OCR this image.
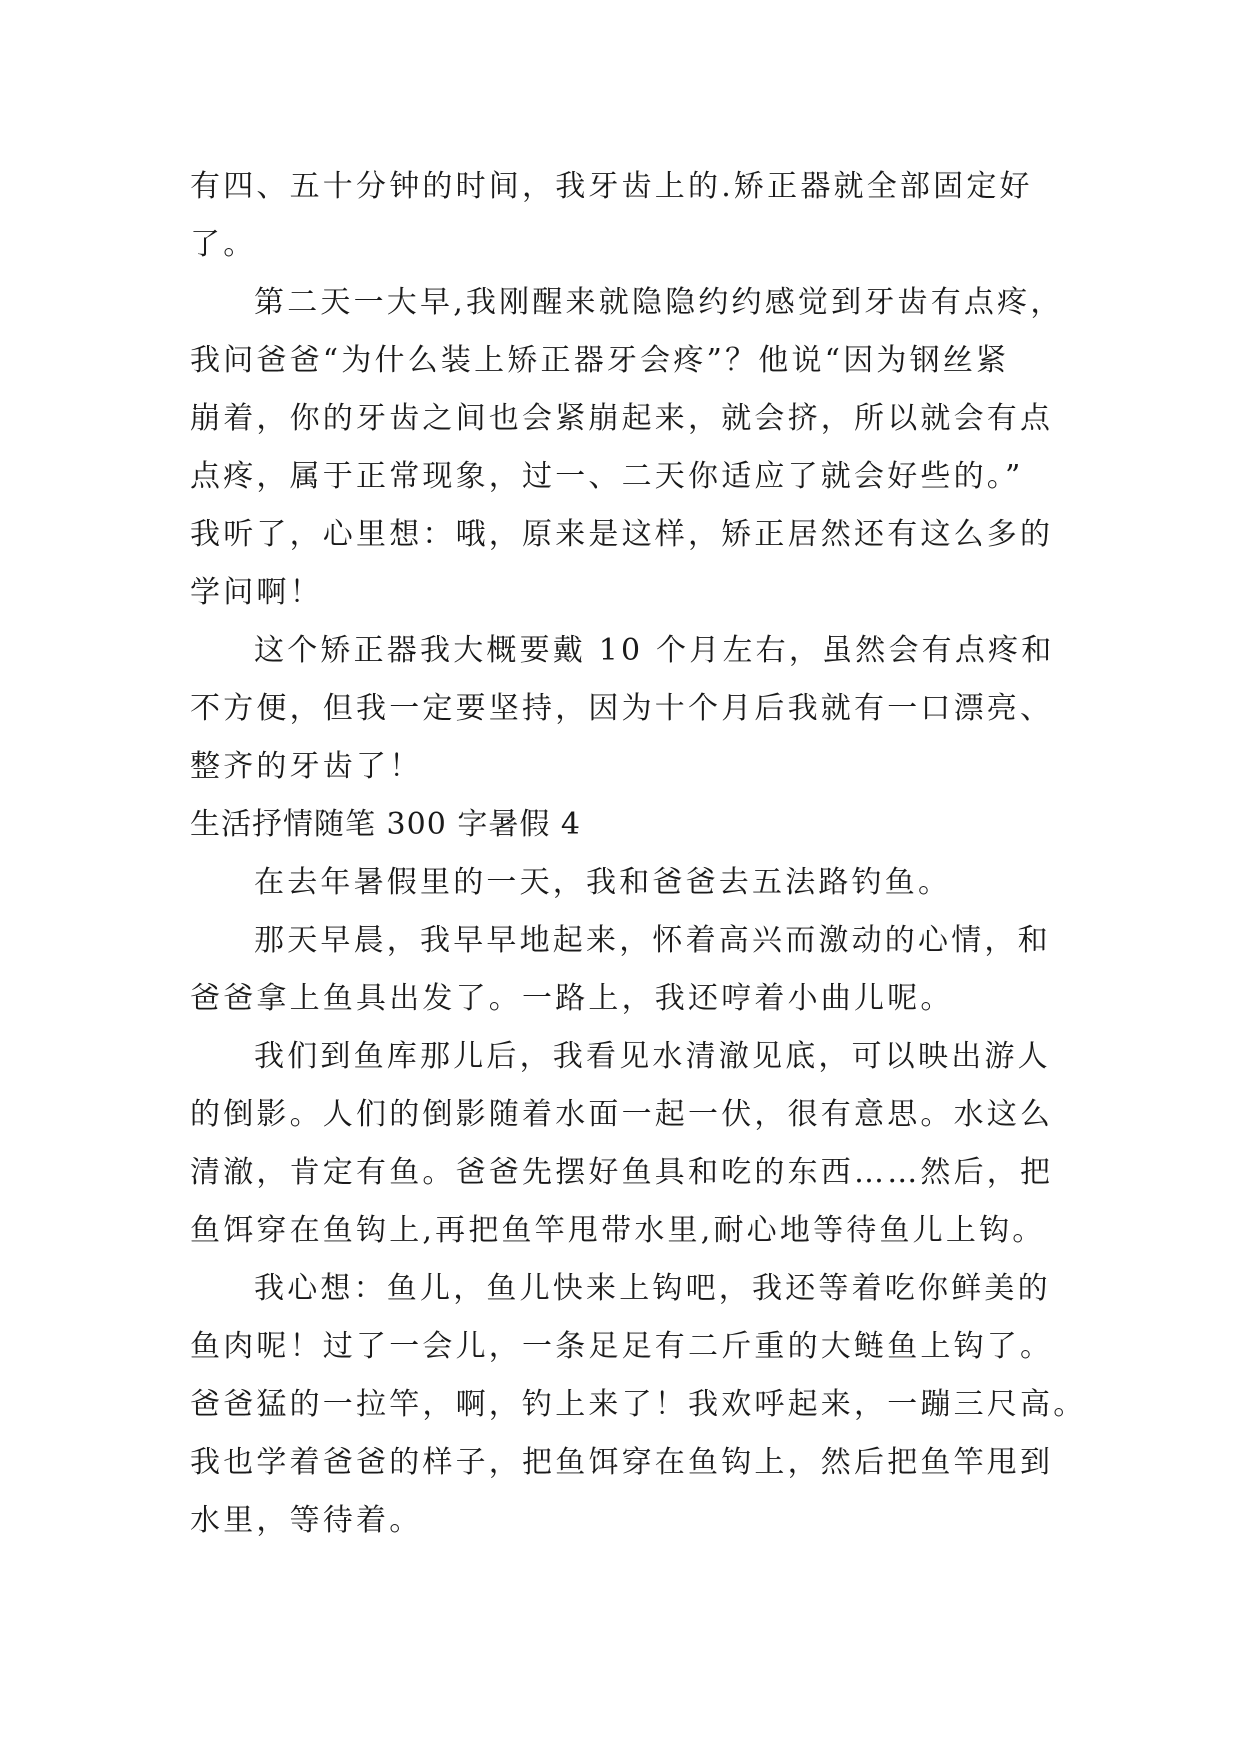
有四、五十分钟的时间，我牙齿上的.矫正器就全部固定好
了。
第二天一大早,我刚醒来就隐隐约约感觉到牙齿有点疼，
我问爸爸“为什么装上矫正器牙会疼”？他说“因为钢丝紧
崩着，你的牙齿之间也会紧崩起来，就会挤，所以就会有点
点疼，属于正常现象，过一、二天你适应了就会好些的。”
我听了，心里想：哦，原来是这样，矫正居然还有这么多的
学问啊！
这个矫正器我大概要戴 10 个月左右，虽然会有点疼和
不方便，但我一定要坚持，因为十个月后我就有一口漂亮、
整齐的牙齿了！
生活抒情随笔 300 字暑假 4
在去年暑假里的一天，我和爸爸去五法路钓鱼。
那天早晨，我早早地起来，怀着高兴而激动的心情，和
爸爸拿上鱼具出发了。一路上，我还哼着小曲儿呢。
我们到鱼库那儿后，我看见水清澈见底，可以映出游人
的倒影。人们的倒影随着水面一起一伏，很有意思。水这么
清澈，肯定有鱼。爸爸先摆好鱼具和吃的东西……然后，把
鱼饵穿在鱼钩上,再把鱼竿甩带水里,耐心地等待鱼儿上钩。
我心想：鱼儿，鱼儿快来上钩吧，我还等着吃你鲜美的
鱼肉呢！过了一会儿，一条足足有二斤重的大鲢鱼上钩了。
爸爸猛的一拉竿，啊，钓上来了！我欢呼起来，一蹦三尺高。
我也学着爸爸的样子，把鱼饵穿在鱼钩上，然后把鱼竿甩到
水里，等待着。
